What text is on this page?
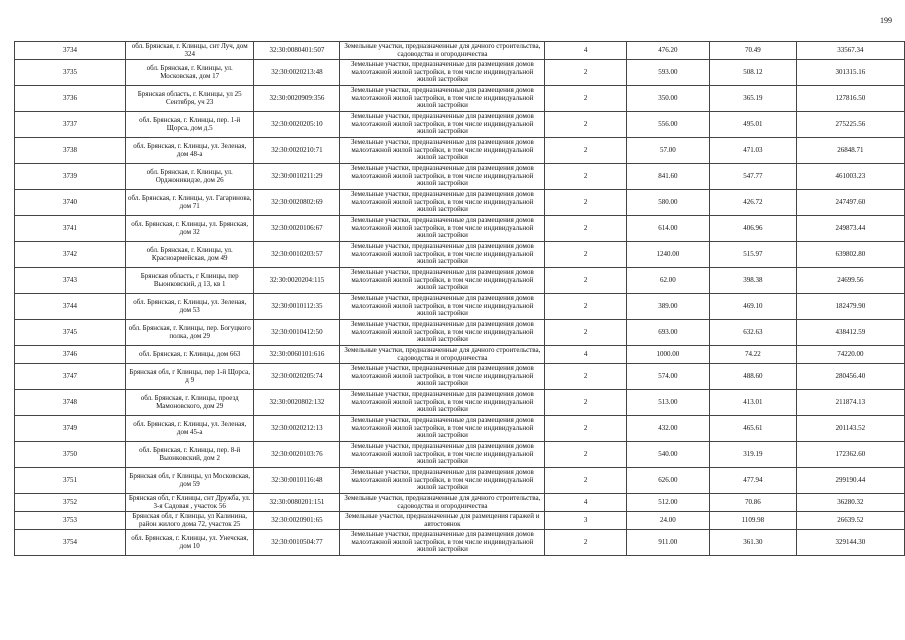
199
3734	обл. Брянская, г. Клинцы, снт Луч, дом 324	32:30:0080401:507	Земельные участки, предназначенные для дачного строительства, садоводства и огородничества	4	476.20	70.49	33567.34
3735	обл. Брянская, г. Клинцы, ул. Московская, дом 17	32:30:0020213:48	Земельные участки, предназначенные для размещения домов малоэтажной жилой застройки, в том числе индивидуальной жилой застройки	2	593.00	508.12	301315.16
3736	Брянская область, г. Клинцы, ул 25 Сентября, уч 23	32:30:0020909:356	Земельные участки, предназначенные для размещения домов малоэтажной жилой застройки, в том числе индивидуальной жилой застройки	2	350.00	365.19	127816.50
3737	обл. Брянская, г. Клинцы, пер. 1-й Щорса, дом д.5	32:30:0020205:10	Земельные участки, предназначенные для размещения домов малоэтажной жилой застройки, в том числе индивидуальной жилой застройки	2	556.00	495.01	275225.56
3738	обл. Брянская, г. Клинцы, ул. Зеленая, дом 48-а	32:30:0020210:71	Земельные участки, предназначенные для размещения домов малоэтажной жилой застройки, в том числе индивидуальной жилой застройки	2	57.00	471.03	26848.71
3739	обл. Брянская, г. Клинцы, ул. Орджоникидзе, дом 26	32:30:0010211:29	Земельные участки, предназначенные для размещения домов малоэтажной жилой застройки, в том числе индивидуальной жилой застройки	2	841.60	547.77	461003.23
3740	обл. Брянская, г. Клинцы, ул. Гагаринова, дом 71	32:30:0020802:69	Земельные участки, предназначенные для размещения домов малоэтажной жилой застройки, в том числе индивидуальной жилой застройки	2	580.00	426.72	247497.60
3741	обл. Брянская, г. Клинцы, ул. Брянская, дом 32	32:30:0020106:67	Земельные участки, предназначенные для размещения домов малоэтажной жилой застройки, в том числе индивидуальной жилой застройки	2	614.00	406.96	249873.44
3742	обл. Брянская, г. Клинцы, ул. Красноармейская, дом 49	32:30:0010203:57	Земельные участки, предназначенные для размещения домов малоэтажной жилой застройки, в том числе индивидуальной жилой застройки	2	1240.00	515.97	639802.80
3743	Брянская область, г Клинцы, пер Выонковский, д 13, кв 1	32:30:0020204:115	Земельные участки, предназначенные для размещения домов малоэтажной жилой застройки, в том числе индивидуальной жилой застройки	2	62.00	398.38	24699.56
3744	обл. Брянская, г. Клинцы, ул. Зеленая, дом 53	32:30:0010112:35	Земельные участки, предназначенные для размещения домов малоэтажной жилой застройки, в том числе индивидуальной жилой застройки	2	389.00	469.10	182479.90
3745	обл. Брянская, г. Клинцы, пер. Богуцкого полка, дом 29	32:30:0010412:50	Земельные участки, предназначенные для размещения домов малоэтажной жилой застройки, в том числе индивидуальной жилой застройки	2	693.00	632.63	438412.59
3746	обл. Брянская, г. Клинцы, дом 663	32:30:0060101:616	Земельные участки, предназначенные для дачного строительства, садоводства и огородничества	4	1000.00	74.22	74220.00
3747	Брянская обл, г Клинцы, пер 1-й Щорса, д 9	32:30:0020205:74	Земельные участки, предназначенные для размещения домов малоэтажной жилой застройки, в том числе индивидуальной жилой застройки	2	574.00	488.60	280456.40
3748	обл. Брянская, г. Клинцы, проезд Мамоновского, дом 29	32:30:0020802:132	Земельные участки, предназначенные для размещения домов малоэтажной жилой застройки, в том числе индивидуальной жилой застройки	2	513.00	413.01	211874.13
3749	обл. Брянская, г. Клинцы, ул. Зеленая, дом 45-а	32:30:0020212:13	Земельные участки, предназначенные для размещения домов малоэтажной жилой застройки, в том числе индивидуальной жилой застройки	2	432.00	465.61	201143.52
3750	обл. Брянская, г. Клинцы, пер. 8-й Выонковский, дом 2	32:30:0020103:76	Земельные участки, предназначенные для размещения домов малоэтажной жилой застройки, в том числе индивидуальной жилой застройки	2	540.00	319.19	172362.60
3751	Брянская обл, г Клинцы, ул Московская, дом 59	32:30:0010116:48	Земельные участки, предназначенные для размещения домов малоэтажной жилой застройки, в том числе индивидуальной жилой застройки	2	626.00	477.94	299190.44
3752	Брянская обл, г Клинцы, снт Дружба, ул. 3-я Садовая , участок 56	32:30:0080201:151	Земельные участки, предназначенные для дачного строительства, садоводства и огородничества	4	512.00	70.86	36280.32
3753	Брянская обл, г Клинцы, ул Калинина, район жилого дома 72, участок 25	32:30:0020901:65	Земельные участки, предназначенные для размещения гаражей и автостоянок	3	24.00	1109.98	26639.52
3754	обл. Брянская, г. Клинцы, ул. Унечская, дом 10	32:30:0010504:77	Земельные участки, предназначенные для размещения домов малоэтажной жилой застройки, в том числе индивидуальной жилой застройки	2	911.00	361.30	329144.30
